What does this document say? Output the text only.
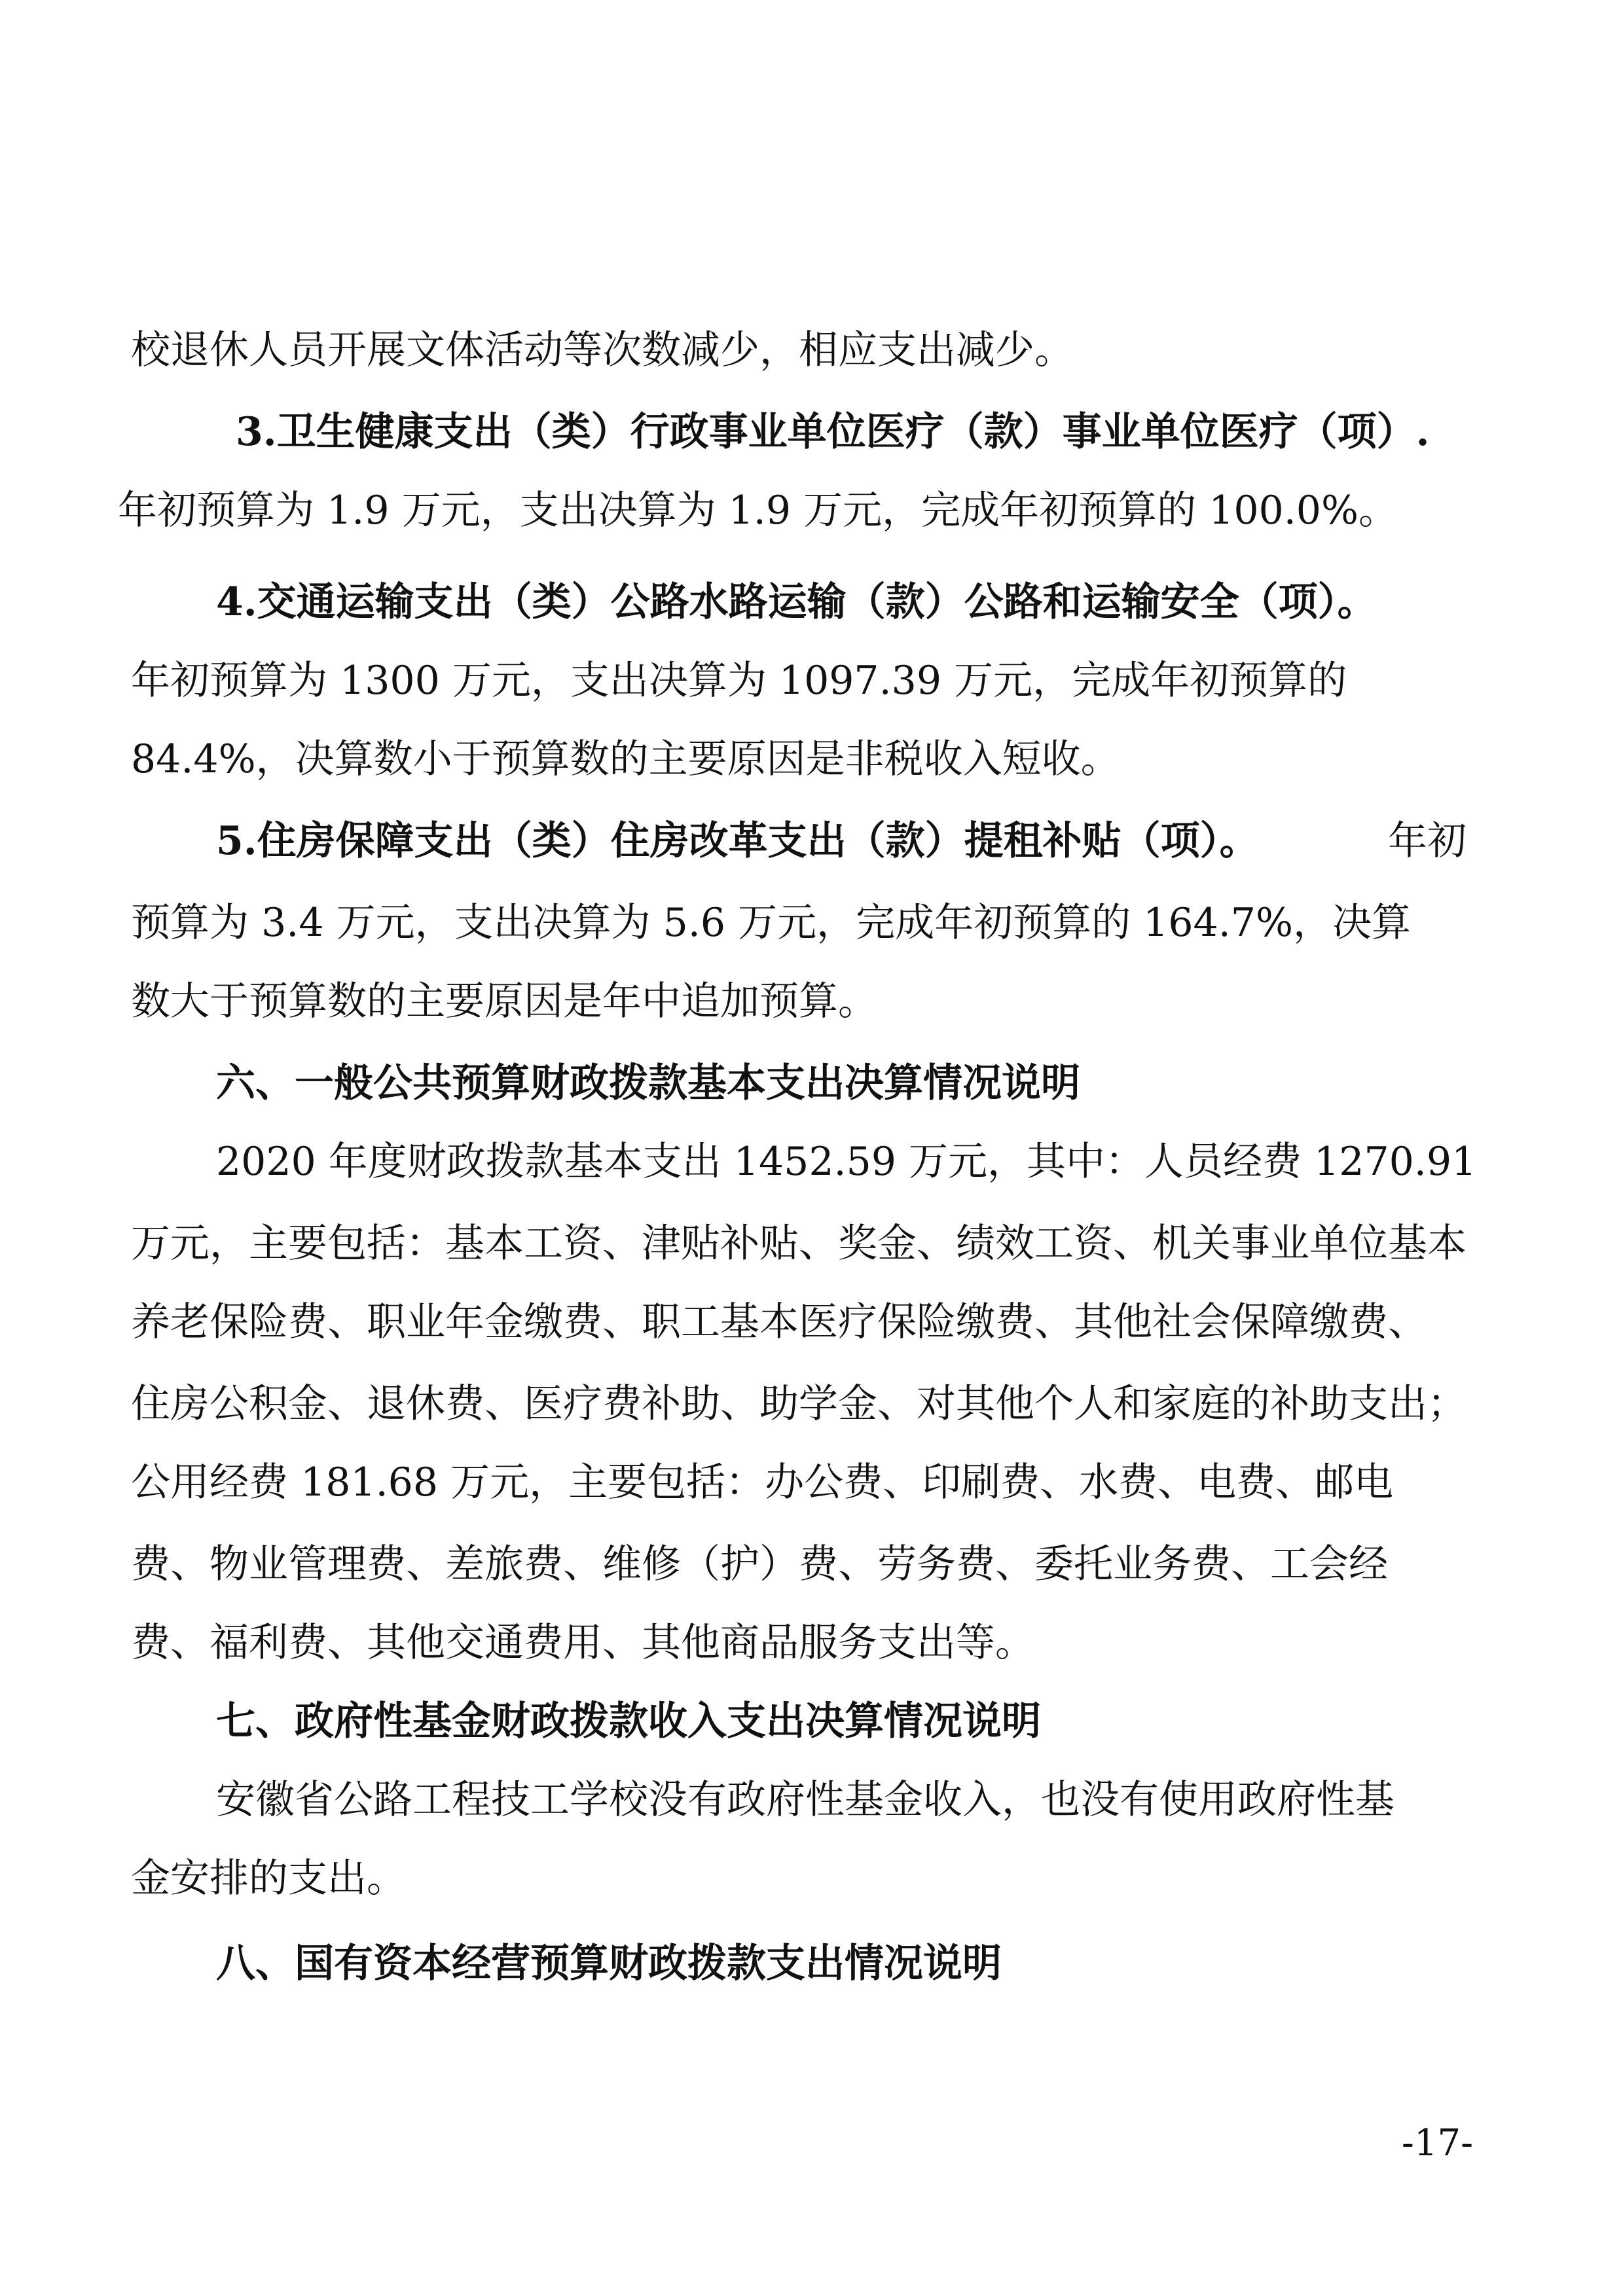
校退休人员开展文体活动等次数减少，相应支出减少。
3.卫生健康支出（类）行政事业单位医疗（款）事业单位医疗（项）.
年初预算为 1.9 万元，支出决算为 1.9 万元，完成年初预算的 100.0%。
4.交通运输支出（类）公路水路运输（款）公路和运输安全（项）。
年初预算为 1300 万元，支出决算为 1097.39 万元，完成年初预算的
84.4%，决算数小于预算数的主要原因是非税收入短收。
5.住房保障支出（类）住房改革支出（款）提租补贴（项）。	年初
预算为 3.4 万元，支出决算为 5.6 万元，完成年初预算的 164.7%，决算
数大于预算数的主要原因是年中追加预算。
六、一般公共预算财政拨款基本支出决算情况说明
2020 年度财政拨款基本支出 1452.59 万元，其中：人员经费 1270.91
万元，主要包括：基本工资、津贴补贴、奖金、绩效工资、机关事业单位基本
养老保险费、职业年金缴费、职工基本医疗保险缴费、其他社会保障缴费、
住房公积金、退休费、医疗费补助、助学金、对其他个人和家庭的补助支出；
公用经费 181.68 万元，主要包括：办公费、印刷费、水费、电费、邮电
费、物业管理费、差旅费、维修（护）费、劳务费、委托业务费、工会经
费、福利费、其他交通费用、其他商品服务支出等。
七、政府性基金财政拨款收入支出决算情况说明
安徽省公路工程技工学校没有政府性基金收入，也没有使用政府性基
金安排的支出。
八、国有资本经营预算财政拨款支出情况说明
-17-
